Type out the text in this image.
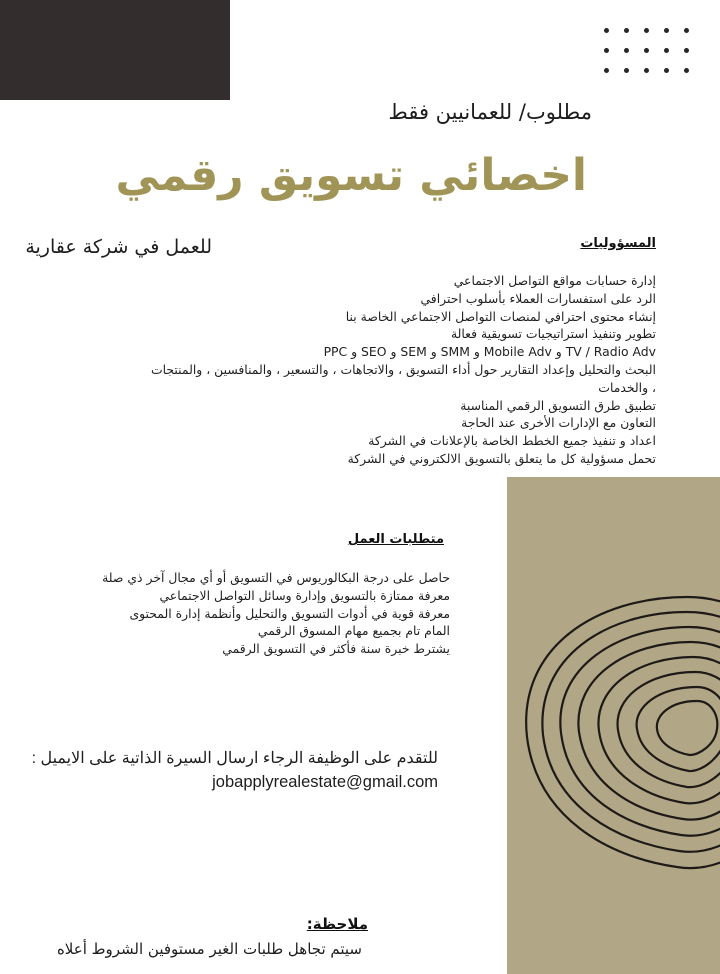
مطلوب/ للعمانيين فقط
اخصائي تسويق رقمي
للعمل في شركة عقارية	المسؤوليات
إدارة حسابات مواقع التواصل الاجتماعي
الرد على استفسارات العملاء بأسلوب احترافي
إنشاء محتوى احترافي لمنصات التواصل الاجتماعي الخاصة بنا
تطوير وتنفيذ استراتيجيات تسويقية فعالة
TV / Radio Adv و Mobile Adv و SMM و SEM و SEO و PPC
البحث والتحليل وإعداد التقارير حول أداء التسويق ، والاتجاهات ، والتسعير ، والمنافسين ، والمنتجات
، والخدمات
تطبيق طرق التسويق الرقمي المناسبة
التعاون مع الإدارات الأخرى عند الحاجة
اعداد و تنفيذ جميع الخطط الخاصة بالإعلانات في الشركة
تحمل مسؤولية كل ما يتعلق بالتسويق الالكتروني في الشركة
متطلبات العمل
حاصل على درجة البكالوريوس في التسويق أو أي مجال آخر ذي صلة
معرفة ممتازة بالتسويق وإدارة وسائل التواصل الاجتماعي
معرفة قوية في أدوات التسويق والتحليل وأنظمة إدارة المحتوى
المام تام بجميع مهام المسوق الرقمي
يشترط خبرة سنة فأكثر في التسويق الرقمي
للتقدم على الوظيفة الرجاء ارسال السيرة الذاتية على الايميل :
jobapplyrealestate@gmail.com
ملاحظة:
سيتم تجاهل طلبات الغير مستوفين الشروط أعلاه
